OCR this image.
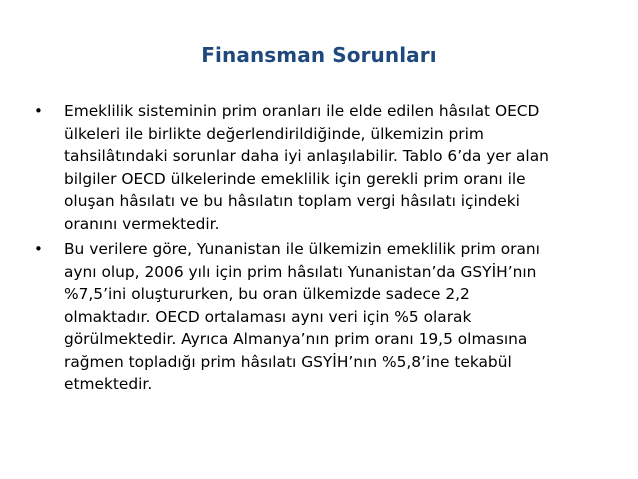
Finansman Sorunları
• Emeklilik sisteminin prim oranları ile elde edilen hâsılat OECD
ülkeleri ile birlikte değerlendirildiğinde, ülkemizin prim
tahsilâtındaki sorunlar daha iyi anlaşılabilir. Tablo 6’da yer alan
bilgiler OECD ülkelerinde emeklilik için gerekli prim oranı ile
oluşan hâsılatı ve bu hâsılatın toplam vergi hâsılatı içindeki
oranını vermektedir.

• Bu verilere göre, Yunanistan ile ülkemizin emeklilik prim oranı
aynı olup, 2006 yılı için prim hâsılatı Yunanistan’da GSYİH’nın
%7,5’ini oluştururken, bu oran ülkemizde sadece 2,2
olmaktadır. OECD ortalaması aynı veri için %5 olarak
görülmektedir. Ayrıca Almanya’nın prim oranı 19,5 olmasına
rağmen topladığı prim hâsılatı GSYİH’nın %5,8’ine tekabül
etmektedir.
